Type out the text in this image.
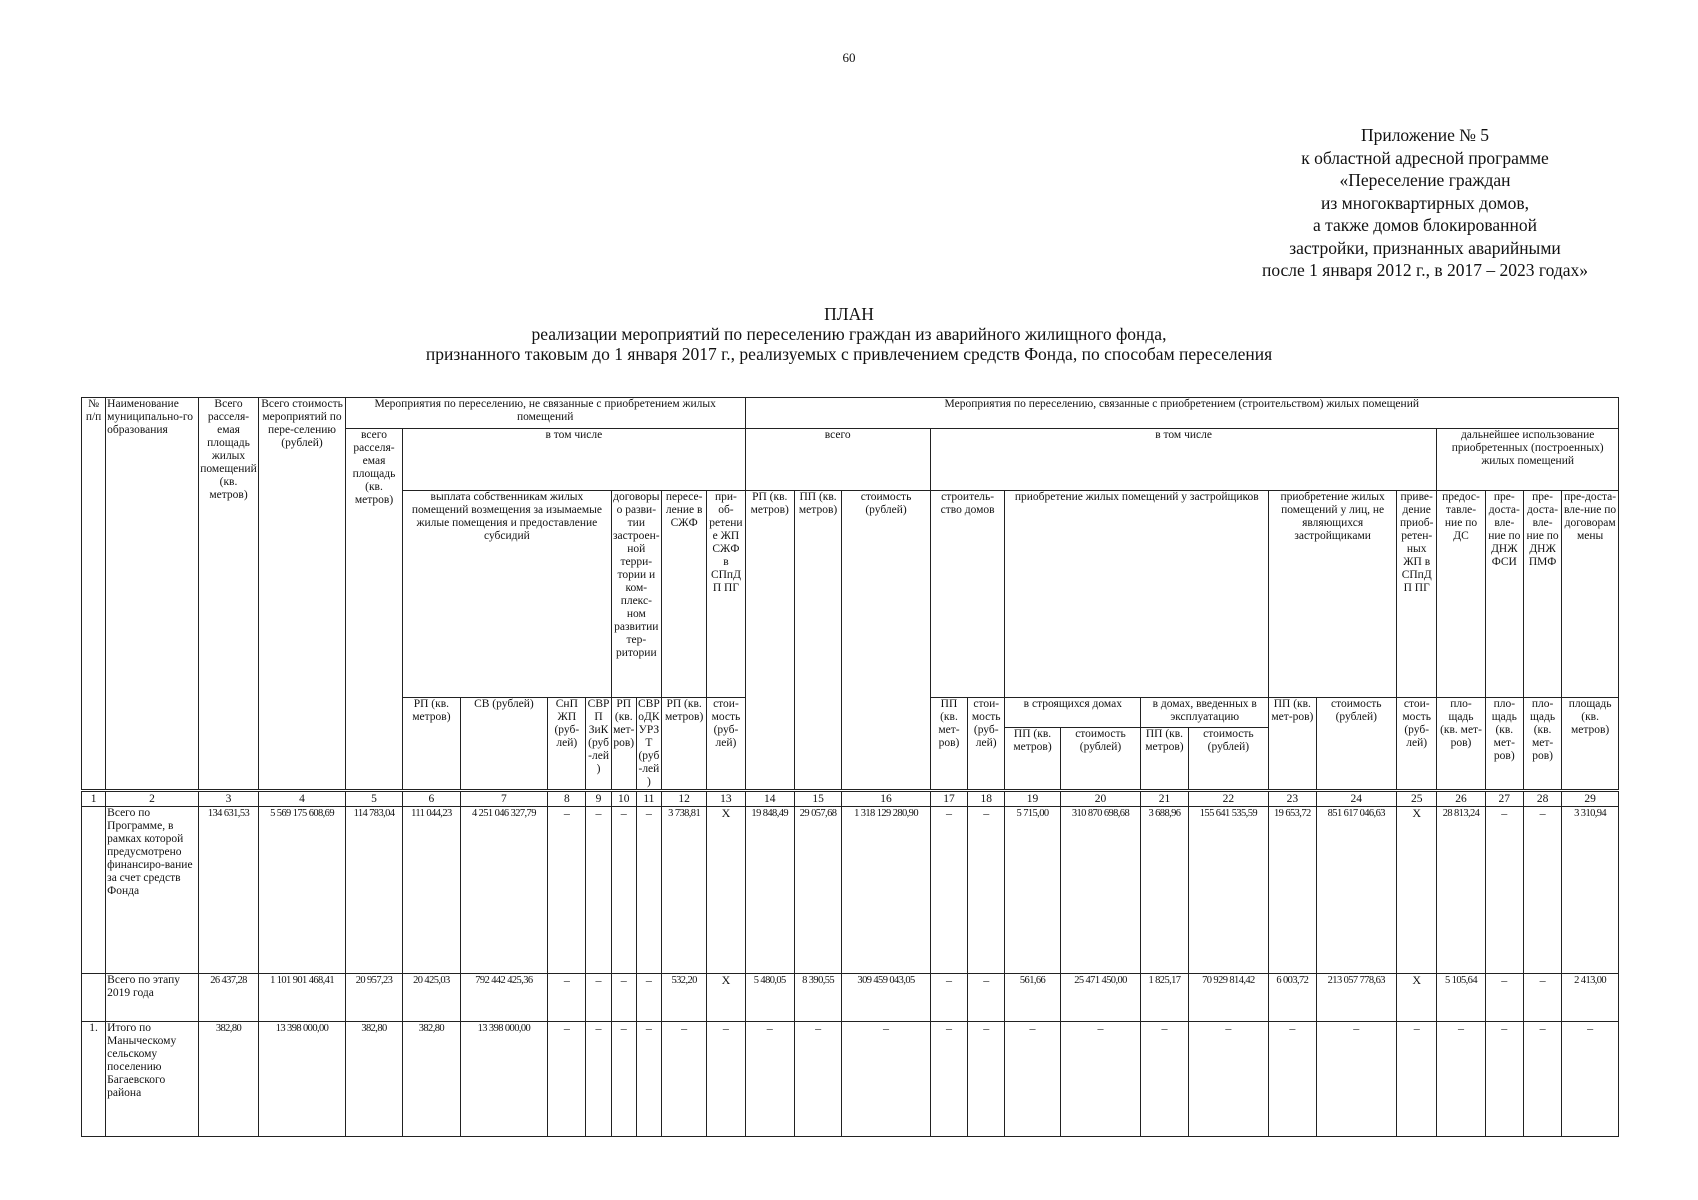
60
Приложение № 5
к областной адресной программе
«Переселение граждан
из многоквартирных домов,
а также домов блокированной
застройки, признанных аварийными
после 1 января 2012 г., в 2017 – 2023 годах»
ПЛАН
реализации мероприятий по переселению граждан из аварийного жилищного фонда,
признанного таковым до 1 января 2017 г., реализуемых с привлечением средств Фонда, по способам переселения
№ п/п	Наименование муниципально-го образования	Всего расселя-емая площадь жилых помещений (кв. метров)	Всего стоимость мероприятий по пере-селению (рублей)	Мероприятия по переселению, не связанные с приобретением жилых помещений									Мероприятия по переселению, связанные с приобретением (строительством) жилых помещений															
				всего расселя-емая площадь (кв. метров)	в том числе								всего			в том числе									дальнейшее использование приобретенных (построенных) жилых помещений			
					выплата собственникам жилых помещений возмещения за изымаемые жилые помещения и предоставление субсидий				договоры о разви-тии застроен-ной терри-тории и ком-плекс-ном развитии тер-ритории		пересе-ление в СЖФ	при-об-ретение ЖП СЖФ в СПпДП ПГ	РП (кв. метров)	ПП (кв. метров)	стоимость (рублей)	строитель-ство домов		приобретение жилых помещений у застройщиков				приобретение жилых помещений у лиц, не являющихся застройщиками		приве-дение приоб-ретен-ных ЖП в СПпДП ПГ	предос-тавле-ние по ДС	пре-доста-вле-ние по ДНЖ ФСИ	пре-доста-вле-ние по ДНЖ ПМФ	пре-доста-вле-ние по договорам мены
					РП (кв. метров)	СВ (рублей)	СнП ЖП (руб-лей)	СВРП ЗиК (руб-лей)	РП (кв. мет-ров)	СВР оДК УРЗТ (руб-лей)	РП (кв. метров)	стои-мость (руб-лей)				ПП (кв. мет-ров)	стои-мость (руб-лей)	в строящихся домах		в домах, введенных в эксплуатацию		ПП (кв. мет-ров)	стоимость (рублей)	стои-мость (руб-лей)	пло-щадь (кв. мет-ров)	пло-щадь (кв. мет-ров)	пло-щадь (кв. мет-ров)	площадь (кв. метров)
																		ПП (кв. метров)	стоимость (рублей)	ПП (кв. метров)	стоимость (рублей)							

1	2	3	4	5	6	7	8	9	10	11	12	13	14	15	16	17	18	19	20	21	22	23	24	25	26	27	28	29
	Всего по Программе, в рамках которой предусмотрено финансиро-вание за счет средств Фонда	134 631,53	5 569 175 608,69	114 783,04	111 044,23	4 251 046 327,79	–	–	–	–	3 738,81	Х	19 848,49	29 057,68	1 318 129 280,90	–	–	5 715,00	310 870 698,68	3 688,96	155 641 535,59	19 653,72	851 617 046,63	Х	28 813,24	–	–	3 310,94
	Всего по этапу 2019 года	26 437,28	1 101 901 468,41	20 957,23	20 425,03	792 442 425,36	–	–	–	–	532,20	Х	5 480,05	8 390,55	309 459 043,05	–	–	561,66	25 471 450,00	1 825,17	70 929 814,42	6 003,72	213 057 778,63	Х	5 105,64	–	–	2 413,00
1.	Итого по Маныческому сельскому поселению Багаевского района	382,80	13 398 000,00	382,80	382,80	13 398 000,00	–	–	–	–	–	–	–	–	–	–	–	–	–	–	–	–	–	–	–	–	–	–
